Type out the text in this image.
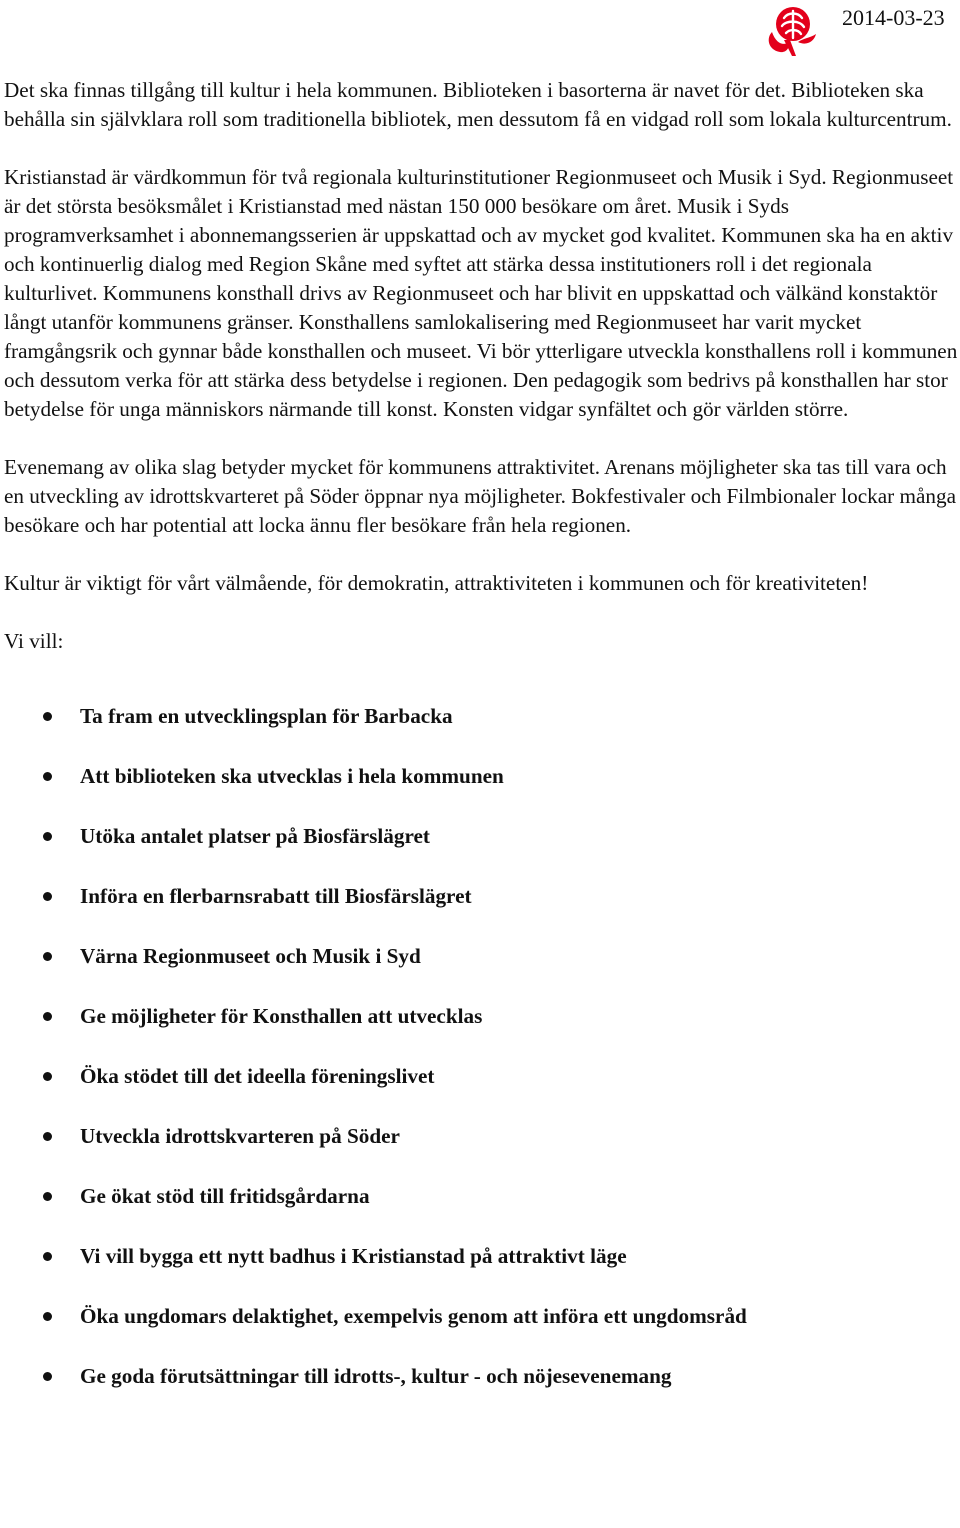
2014-03-23

Det ska finnas tillgång till kultur i hela kommunen. Biblioteken i basorterna är navet för det. Biblioteken ska behålla sin självklara roll som traditionella bibliotek, men dessutom få en vidgad roll som lokala kulturcentrum.

Kristianstad är värdkommun för två regionala kulturinstitutioner Regionmuseet och Musik i Syd. Regionmuseet är det största besöksmålet i Kristianstad med nästan 150 000 besökare om året. Musik i Syds programverksamhet i abonnemangsserien är uppskattad och av mycket god kvalitet. Kommunen ska ha en aktiv och kontinuerlig dialog med Region Skåne med syftet att stärka dessa institutioners roll i det regionala kulturlivet. Kommunens konsthall drivs av Regionmuseet och har blivit en uppskattad och välkänd konstaktör långt utanför kommunens gränser. Konsthallens samlokalisering med Regionmuseet har varit mycket framgångsrik och gynnar både konsthallen och museet. Vi bör ytterligare utveckla konsthallens roll i kommunen och dessutom verka för att stärka dess betydelse i regionen. Den pedagogik som bedrivs på konsthallen har stor betydelse för unga människors närmande till konst. Konsten vidgar synfältet och gör världen större.

Evenemang av olika slag betyder mycket för kommunens attraktivitet. Arenans möjligheter ska tas till vara och en utveckling av idrottskvarteret på Söder öppnar nya möjligheter. Bokfestivaler och Filmbionaler lockar många besökare och har potential att locka ännu fler besökare från hela regionen.

Kultur är viktigt för vårt välmående, för demokratin, attraktiviteten i kommunen och för kreativiteten!

Vi vill:

Ta fram en utvecklingsplan för Barbacka
Att biblioteken ska utvecklas i hela kommunen
Utöka antalet platser på Biosfärslägret
Införa en flerbarnsrabatt till Biosfärslägret
Värna Regionmuseet och Musik i Syd
Ge möjligheter för Konsthallen att utvecklas
Öka stödet till det ideella föreningslivet
Utveckla idrottskvarteren på Söder
Ge ökat stöd till fritidsgårdarna
Vi vill bygga ett nytt badhus i Kristianstad på attraktivt läge
Öka ungdomars delaktighet, exempelvis genom att införa ett ungdomsråd
Ge goda förutsättningar till idrotts-, kultur - och nöjesevenemang
